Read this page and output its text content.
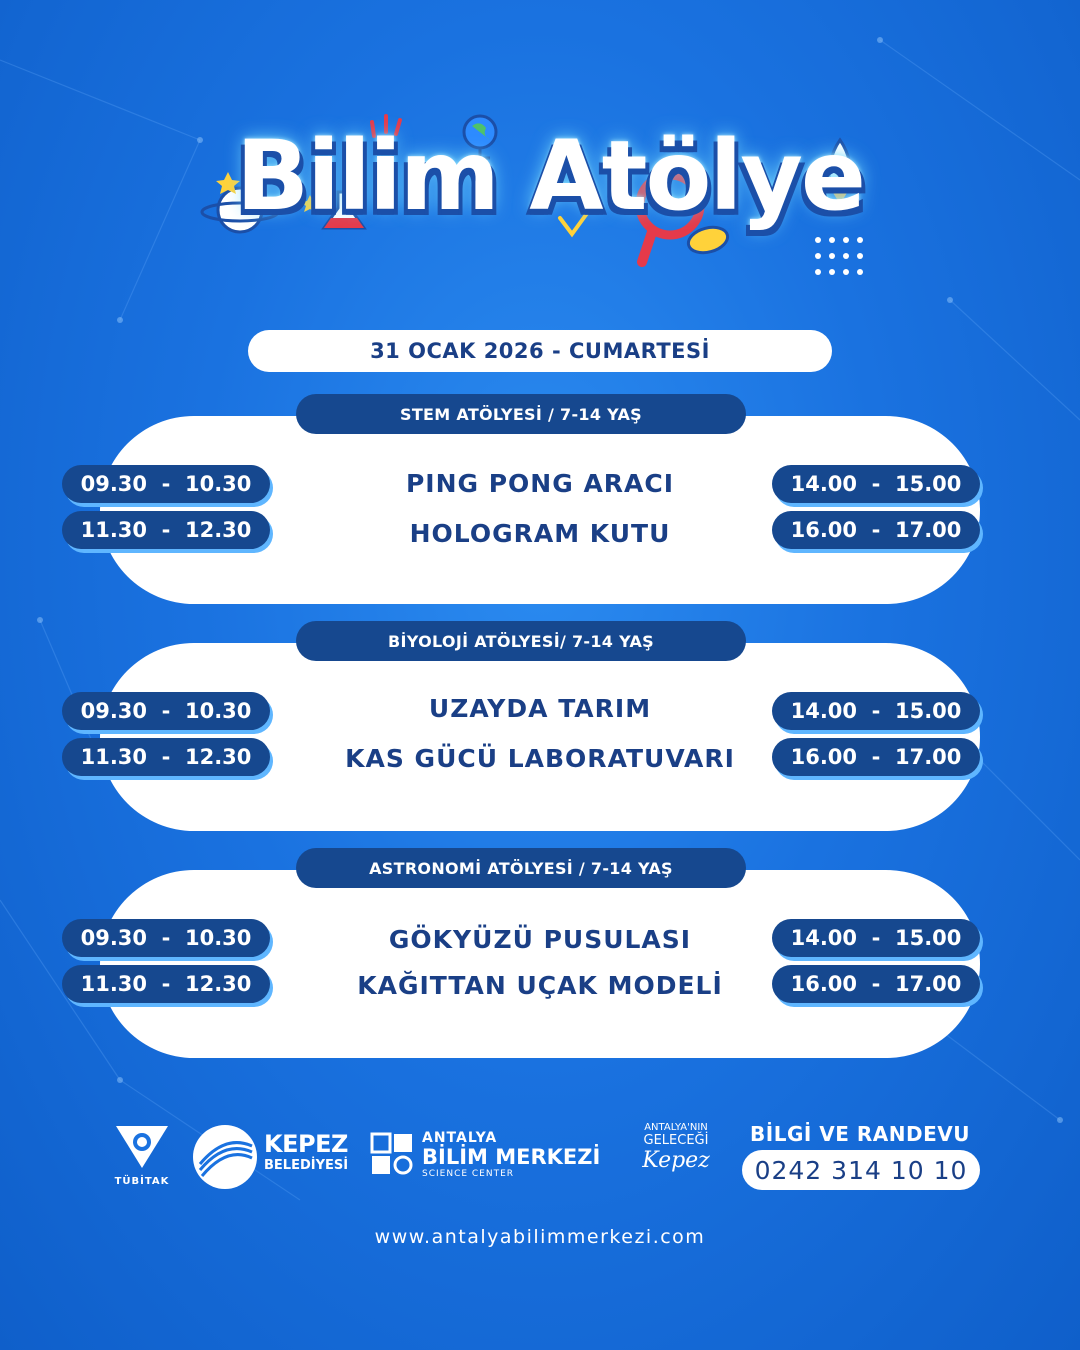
Bilim Atölye
31 OCAK 2026 - CUMARTESİ
STEM ATÖLYESİ / 7-14 YAŞ
09.30  -  10.30
11.30  -  12.30
PING PONG ARACI
HOLOGRAM KUTU
14.00  -  15.00
16.00  -  17.00
BİYOLOJİ ATÖLYESİ/ 7-14 YAŞ
09.30  -  10.30
11.30  -  12.30
UZAYDA TARIM
KAS GÜCÜ LABORATUVARI
14.00  -  15.00
16.00  -  17.00
ASTRONOMİ ATÖLYESİ / 7-14 YAŞ
09.30  -  10.30
11.30  -  12.30
GÖKYÜZÜ PUSULASI
KAĞITTAN UÇAK MODELİ
14.00  -  15.00
16.00  -  17.00
TÜBİTAK
KEPEZ
BELEDİYESİ
ANTALYA
BİLİM MERKEZİ
SCIENCE CENTER
ANTALYA'NIN
GELECEĞİ
Kepez
BİLGİ VE RANDEVU
0242 314 10 10
www.antalyabilimmerkezi.com
